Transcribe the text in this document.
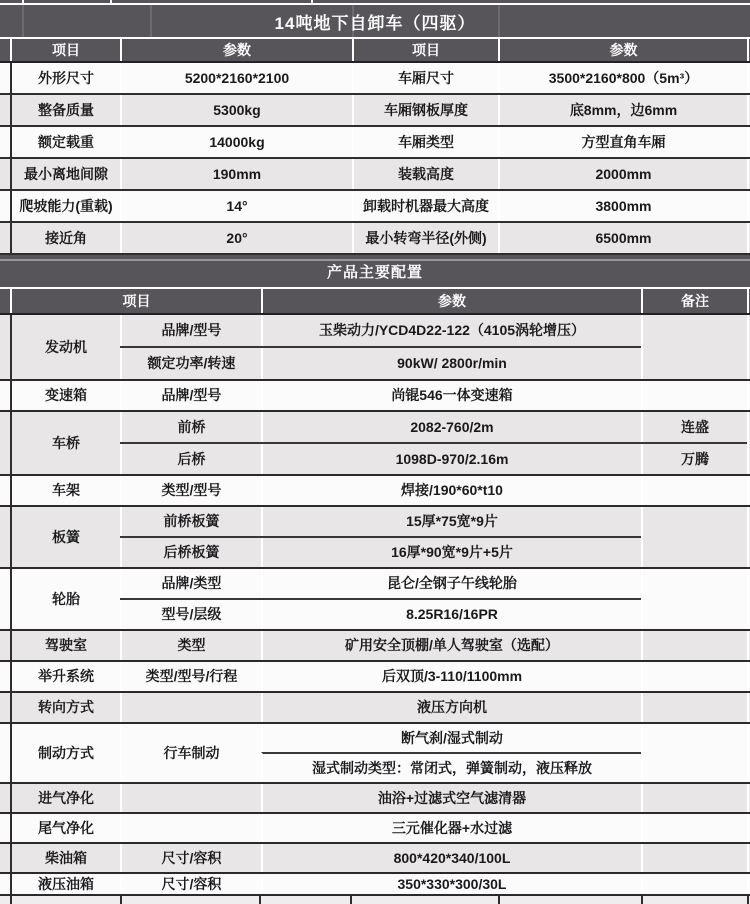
14吨地下自卸车（四驱）
项目	参数	项目	参数
外形尺寸	5200*2160*2100	车厢尺寸	3500*2160*800（5m³）
整备质量	5300kg	车厢钢板厚度	底8mm，边6mm
额定载重	14000kg	车厢类型	方型直角车厢
最小离地间隙	190mm	装载高度	2000mm
爬坡能力(重载)	14°	卸载时机器最大高度	3800mm
接近角	20°	最小转弯半径(外侧)	6500mm
产品主要配置
项目	参数	备注
发动机
品牌/型号	玉柴动力/YCD4D22-122（4105涡轮增压）
额定功率/转速	90kW/ 2800r/min
变速箱	品牌/型号	尚锟546一体变速箱
车桥
前桥	2082-760/2m	连盛
后桥	1098D-970/2.16m	万腾
车架	类型/型号	焊接/190*60*t10
板簧
前桥板簧	15厚*75宽*9片
后桥板簧	16厚*90宽*9片+5片
轮胎
品牌/类型	昆仑/全钢子午线轮胎
型号/层级	8.25R16/16PR
驾驶室	类型	矿用安全顶棚/单人驾驶室（选配）
举升系统	类型/型号/行程	后双顶/3-110/1100mm
转向方式	液压方向机
制动方式	行车制动
断气刹/湿式制动
湿式制动类型：常闭式，弹簧制动，液压释放
进气净化	油浴+过滤式空气滤清器
尾气净化	三元催化器+水过滤
柴油箱	尺寸/容积	800*420*340/100L
液压油箱	尺寸/容积	350*330*300/30L
